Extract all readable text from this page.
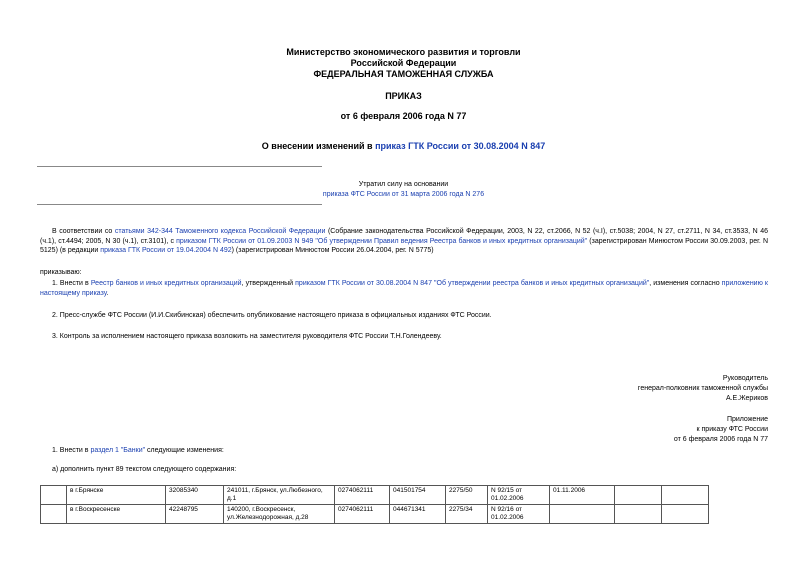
Министерство экономического развития и торговли
Российской Федерации
ФЕДЕРАЛЬНАЯ ТАМОЖЕННАЯ СЛУЖБА
ПРИКАЗ
от 6 февраля 2006 года N 77
О внесении изменений в приказ ГТК России от 30.08.2004 N 847
Утратил силу на основании
приказа ФТС России от 31 марта 2006 года N 276
В соответствии со статьями 342-344 Таможенного кодекса Российской Федерации (Собрание законодательства Российской Федерации, 2003, N 22, ст.2066, N 52 (ч.I), ст.5038; 2004, N 27, ст.2711, N 34, ст.3533, N 46 (ч.1), ст.4494; 2005, N 30 (ч.1), ст.3101), с приказом ГТК России от 01.09.2003 N 949 "Об утверждении Правил ведения Реестра банков и иных кредитных организаций" (зарегистрирован Минюстом России 30.09.2003, рег. N 5125) (в редакции приказа ГТК России от 19.04.2004 N 492) (зарегистрирован Минюстом России 26.04.2004, рег. N 5775)
приказываю:
1. Внести в Реестр банков и иных кредитных организаций, утвержденный приказом ГТК России от 30.08.2004 N 847 "Об утверждении реестра банков и иных кредитных организаций", изменения согласно приложению к настоящему приказу.
2. Пресс-службе ФТС России (И.И.Скибинская) обеспечить опубликование настоящего приказа в официальных изданиях ФТС России.
3. Контроль за исполнением настоящего приказа возложить на заместителя руководителя ФТС России Т.Н.Голендееву.
Руководитель
генерал-полковник таможенной службы
А.Е.Жериков
Приложение
к приказу ФТС России
от 6 февраля 2006 года N 77
1. Внести в раздел 1 "Банки" следующие изменения:
а) дополнить пункт 89 текстом следующего содержания:
	в г.Брянске	32085340	241011, г.Брянск, ул.Любезного, д.1	0274062111	041501754	2275/50	N 92/15 от 01.02.2006	01.11.2006		
	в г.Воскресенске	42248795	140200, г.Воскресенск, ул.Железнодорожная, д.28	0274062111	044671341	2275/34	N 92/16 от 01.02.2006			
